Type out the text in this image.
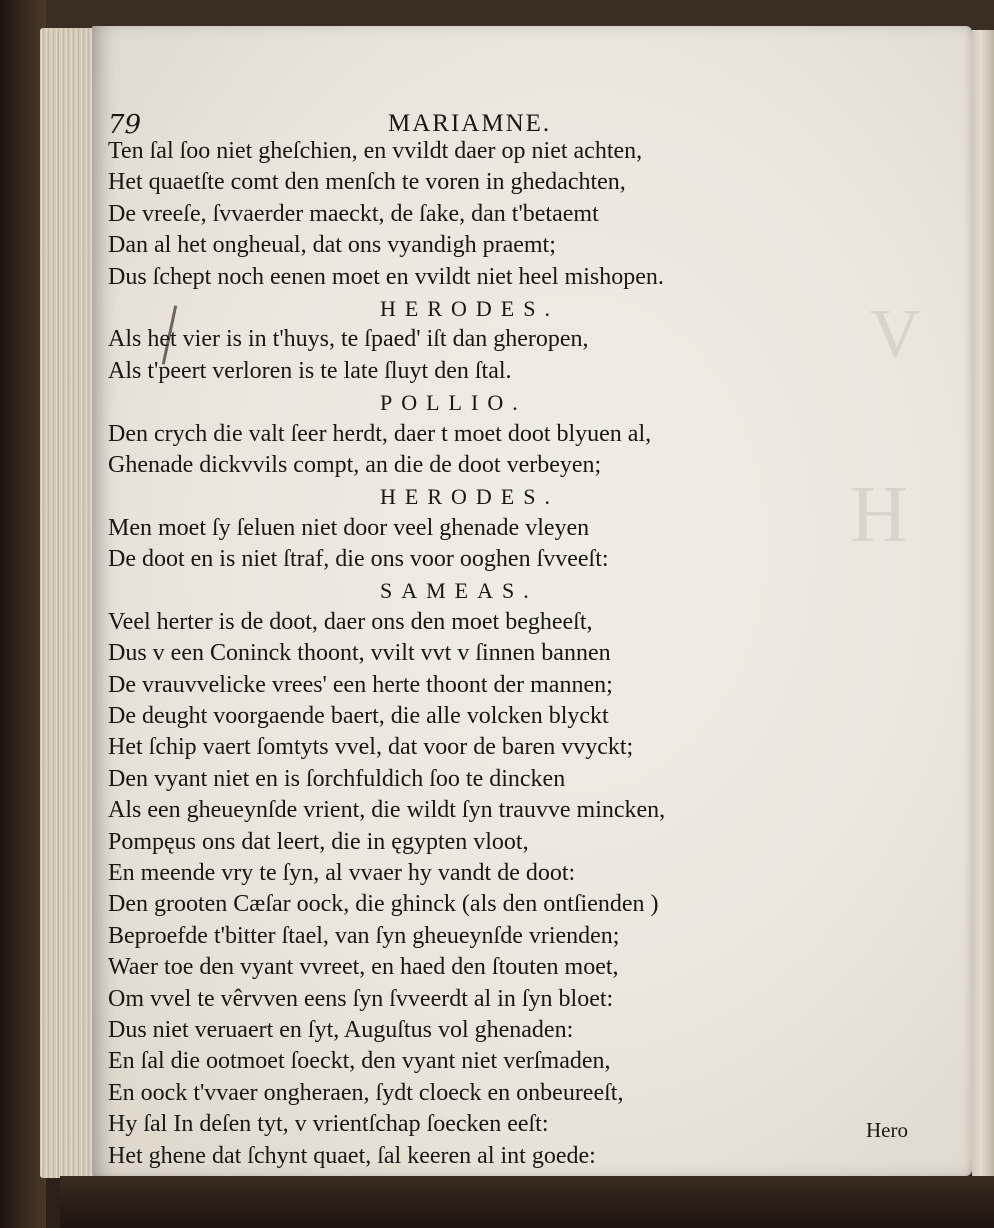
79	MARIAMNE.
Ten ſal ſoo niet gheſchien, en vvildt daer op niet achten,
Het quaetſte comt den menſch te voren in ghedachten,
De vreeſe, ſvvaerder maeckt, de ſake, dan t'betaemt
Dan al het ongheual, dat ons vyandigh praemt;
Dus ſchept noch eenen moet en vvildt niet heel mishopen.
HERODES.
Als het vier is in t'huys, te ſpaed' iſt dan gheropen,
Als t'peert verloren is te late ſluyt den ſtal.
POLLIO.
Den crych die valt ſeer herdt, daer t moet doot blyuen al,
Ghenade dickvvils compt, an die de doot verbeyen;
HERODES.
Men moet ſy ſeluen niet door veel ghenade vleyen
De doot en is niet ſtraf, die ons voor ooghen ſvveeſt:
SAMEAS.
Veel herter is de doot, daer ons den moet begheeſt,
Dus v een Coninck thoont, vvilt vvt v ſinnen bannen
De vrauvvelicke vrees' een herte thoont der mannen;
De deught voorgaende baert, die alle volcken blyckt
Het ſchip vaert ſomtyts vvel, dat voor de baren vvyckt;
Den vyant niet en is ſorchfuldich ſoo te dincken
Als een gheueynſde vrient, die wildt ſyn trauvve mincken,
Pompęus ons dat leert, die in ęgypten vloot,
En meende vry te ſyn, al vvaer hy vandt de doot:
Den grooten Cæſar oock, die ghinck (als den ontſienden )
Beproefde t'bitter ſtael, van ſyn gheueynſde vrienden;
Waer toe den vyant vvreet, en haed den ſtouten moet,
Om vvel te vêrvven eens ſyn ſvveerdt al in ſyn bloet:
Dus niet veruaert en ſyt, Auguſtus vol ghenaden:
En ſal die ootmoet ſoeckt, den vyant niet verſmaden,
En oock t'vvaer ongheraen, ſydt cloeck en onbeureeſt,
Hy ſal In deſen tyt, v vrientſchap ſoecken eeſt:
Het ghene dat ſchynt quaet, ſal keeren al int goede:
Hero
